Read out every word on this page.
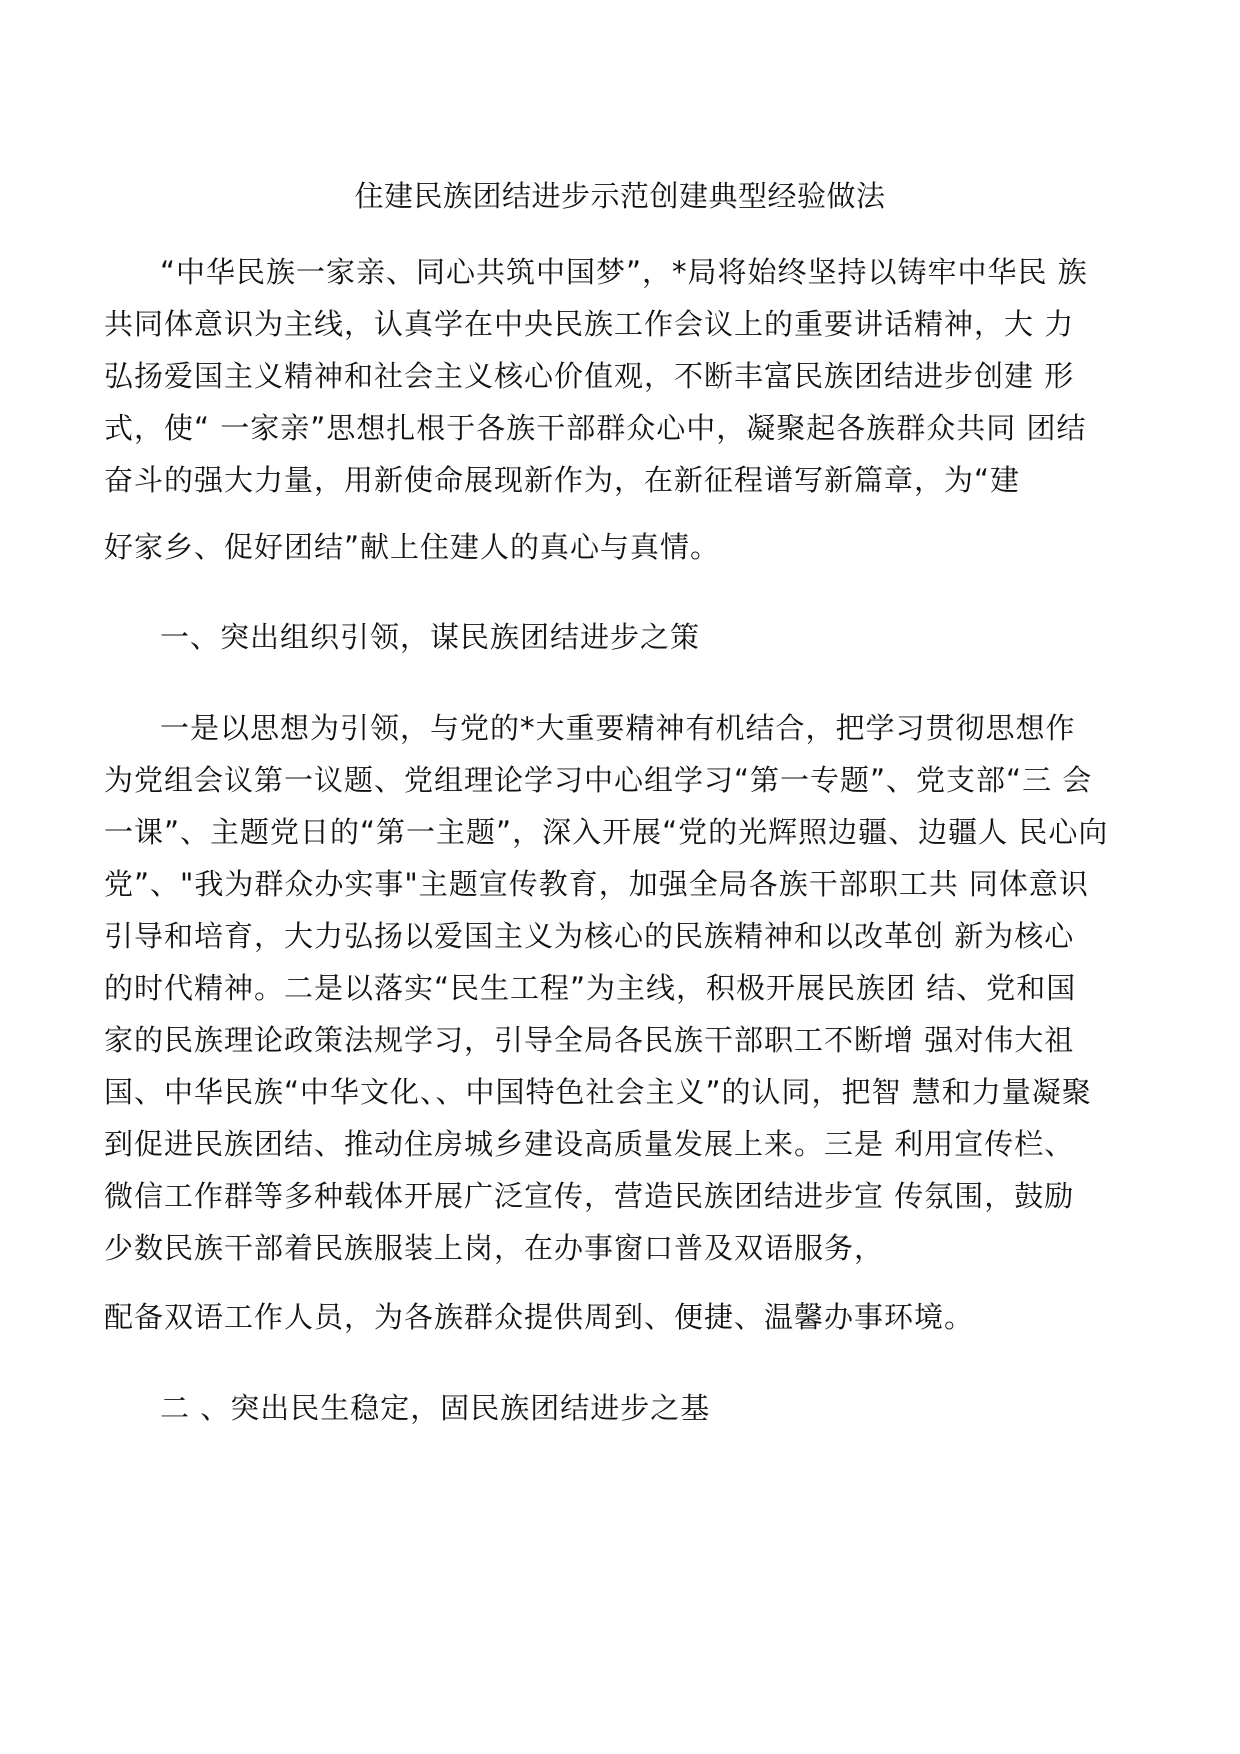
住建民族团结进步示范创建典型经验做法

“中华民族一家亲、同心共筑中国梦”，*局将始终坚持以铸牢中华民 族

共同体意识为主线，认真学在中央民族工作会议上的重要讲话精神，大 力

弘扬爱国主义精神和社会主义核心价值观，不断丰富民族团结进步创建 形

式，使“ 一家亲”思想扎根于各族干部群众心中，凝聚起各族群众共同 团结

奋斗的强大力量，用新使命展现新作为，在新征程谱写新篇章，为“建

好家乡、促好团结”献上住建人的真心与真情。

一、突出组织引领，谋民族团结进步之策

一是以思想为引领，与党的*大重要精神有机结合，把学习贯彻思想作

为党组会议第一议题、党组理论学习中心组学习“第一专题”、党支部“三 会

一课”、主题党日的“第一主题”，深入开展“党的光辉照边疆、边疆人 民心向

党”、"我为群众办实事"主题宣传教育，加强全局各族干部职工共 同体意识

引导和培育，大力弘扬以爱国主义为核心的民族精神和以改革创 新为核心

的时代精神。二是以落实“民生工程”为主线，积极开展民族团 结、党和国

家的民族理论政策法规学习，引导全局各民族干部职工不断增 强对伟大祖

国、中华民族“中华文化、、中国特色社会主义”的认同，把智 慧和力量凝聚

到促进民族团结、推动住房城乡建设高质量发展上来。三是 利用宣传栏、

微信工作群等多种载体开展广泛宣传，营造民族团结进步宣 传氛围，鼓励

少数民族干部着民族服装上岗，在办事窗口普及双语服务，

配备双语工作人员，为各族群众提供周到、便捷、温馨办事环境。

二 、突出民生稳定，固民族团结进步之基
